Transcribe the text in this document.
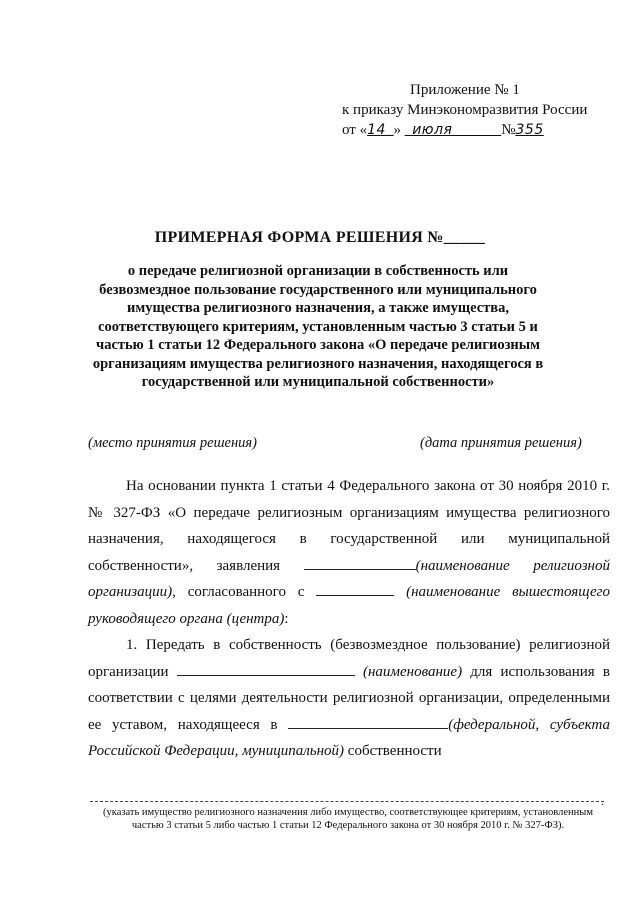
Приложение № 1
к приказу Минэкономразвития России
от «14_» июля	№355
ПРИМЕРНАЯ ФОРМА РЕШЕНИЯ №_____
о передаче религиозной организации в собственность или безвозмездное пользование государственного или муниципального имущества религиозного назначения, а также имущества, соответствующего критериям, установленным частью 3 статьи 5 и частью 1 статьи 12 Федерального закона «О передаче религиозным организациям имущества религиозного назначения, находящегося в государственной или муниципальной собственности»
(место принятия решения)	(дата принятия решения)

На основании пункта 1 статьи 4 Федерального закона от 30 ноября 2010 г. № 327-ФЗ «О передаче религиозным организациям имущества религиозного назначения, находящегося в государственной или муниципальной собственности», заявления	(наименование религиозной организации), согласованного с	(наименование вышестоящего руководящего органа (центра):

1. Передать в собственность (безвозмездное пользование) религиозной организации	(наименование) для использования в соответствии с целями деятельности религиозной организации, определенными ее уставом, находящееся в	(федеральной, субъекта Российской Федерации, муниципальной) собственности

.
(указать имущество религиозного назначения либо имущество, соответствующее критериям, установленным
частью 3 статьи 5 либо частью 1 статьи 12 Федерального закона от 30 ноября 2010 г. № 327-ФЗ).
